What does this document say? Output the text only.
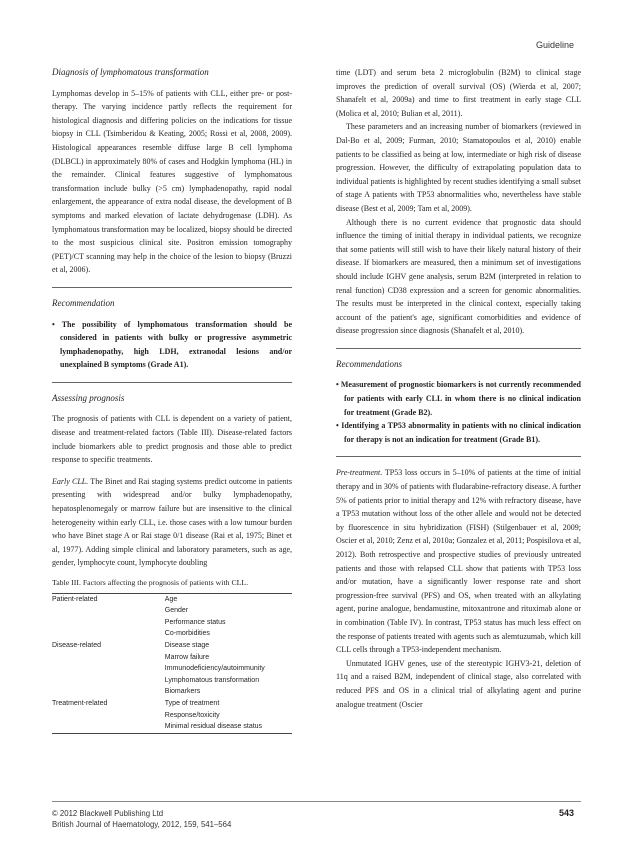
Guideline

Diagnosis of lymphomatous transformation

Lymphomas develop in 5–15% of patients with CLL, either pre- or post-therapy. The varying incidence partly reflects the requirement for histological diagnosis and differing policies on the indications for tissue biopsy in CLL (Tsimberidou & Keating, 2005; Rossi et al, 2008, 2009). Histological appearances resemble diffuse large B cell lymphoma (DLBCL) in approximately 80% of cases and Hodgkin lymphoma (HL) in the remainder. Clinical features suggestive of lymphomatous transformation include bulky (>5 cm) lymphadenopathy, rapid nodal enlargement, the appearance of extra nodal disease, the development of B symptoms and marked elevation of lactate dehydrogenase (LDH). As lymphomatous transformation may be localized, biopsy should be directed to the most suspicious clinical site. Positron emission tomography (PET)/CT scanning may help in the choice of the lesion to biopsy (Bruzzi et al, 2006).

Recommendation

• The possibility of lymphomatous transformation should be considered in patients with bulky or progressive asymmetric lymphadenopathy, high LDH, extranodal lesions and/or unexplained B symptoms (Grade A1).

Assessing prognosis

The prognosis of patients with CLL is dependent on a variety of patient, disease and treatment-related factors (Table III). Disease-related factors include biomarkers able to predict prognosis and those able to predict response to specific treatments.

Early CLL. The Binet and Rai staging systems predict outcome in patients presenting with widespread and/or bulky lymphadenopathy, hepatosplenomegaly or marrow failure but are insensitive to the clinical heterogeneity within early CLL, i.e. those cases with a low tumour burden who have Binet stage A or Rai stage 0/1 disease (Rai et al, 1975; Binet et al, 1977). Adding simple clinical and laboratory parameters, such as age, gender, lymphocyte count, lymphocyte doubling

Table III. Factors affecting the prognosis of patients with CLL.
Patient-related	Age
	Gender
	Performance status
	Co-morbidities
Disease-related	Disease stage
	Marrow failure
	Immunodeficiency/autoimmunity
	Lymphomatous transformation
	Biomarkers
Treatment-related	Type of treatment
	Response/toxicity
	Minimal residual disease status

time (LDT) and serum beta 2 microglobulin (B2M) to clinical stage improves the prediction of overall survival (OS) (Wierda et al, 2007; Shanafelt et al, 2009a) and time to first treatment in early stage CLL (Molica et al, 2010; Bulian et al, 2011).

These parameters and an increasing number of biomarkers (reviewed in Dal-Bo et al, 2009; Furman, 2010; Stamatopoulos et al, 2010) enable patients to be classified as being at low, intermediate or high risk of disease progression. However, the difficulty of extrapolating population data to individual patients is highlighted by recent studies identifying a small subset of stage A patients with TP53 abnormalities who, nevertheless have stable disease (Best et al, 2009; Tam et al, 2009).

Although there is no current evidence that prognostic data should influence the timing of initial therapy in individual patients, we recognize that some patients will still wish to have their likely natural history of their disease. If biomarkers are measured, then a minimum set of investigations should include IGHV gene analysis, serum B2M (interpreted in relation to renal function) CD38 expression and a screen for genomic abnormalities. The results must be interpreted in the clinical context, especially taking account of the patient's age, significant comorbidities and evidence of disease progression since diagnosis (Shanafelt et al, 2010).

Recommendations

• Measurement of prognostic biomarkers is not currently recommended for patients with early CLL in whom there is no clinical indication for treatment (Grade B2).

• Identifying a TP53 abnormality in patients with no clinical indication for therapy is not an indication for treatment (Grade B1).

Pre-treatment. TP53 loss occurs in 5–10% of patients at the time of initial therapy and in 30% of patients with fludarabine-refractory disease. A further 5% of patients prior to initial therapy and 12% with refractory disease, have a TP53 mutation without loss of the other allele and would not be detected by fluorescence in situ hybridization (FISH) (Stilgenbauer et al, 2009; Oscier et al, 2010; Zenz et al, 2010a; Gonzalez et al, 2011; Pospisilova et al, 2012). Both retrospective and prospective studies of previously untreated patients and those with relapsed CLL show that patients with TP53 loss and/or mutation, have a significantly lower response rate and short progression-free survival (PFS) and OS, when treated with an alkylating agent, purine analogue, bendamustine, mitoxantrone and rituximab alone or in combination (Table IV). In contrast, TP53 status has much less effect on the response of patients treated with agents such as alemtuzumab, which kill CLL cells through a TP53-independent mechanism.

Unmutated IGHV genes, use of the stereotypic IGHV3-21, deletion of 11q and a raised B2M, independent of clinical stage, also correlated with reduced PFS and OS in a clinical trial of alkylating agent and purine analogue treatment (Oscier

© 2012 Blackwell Publishing Ltd
British Journal of Haematology, 2012, 159, 541–564
543
